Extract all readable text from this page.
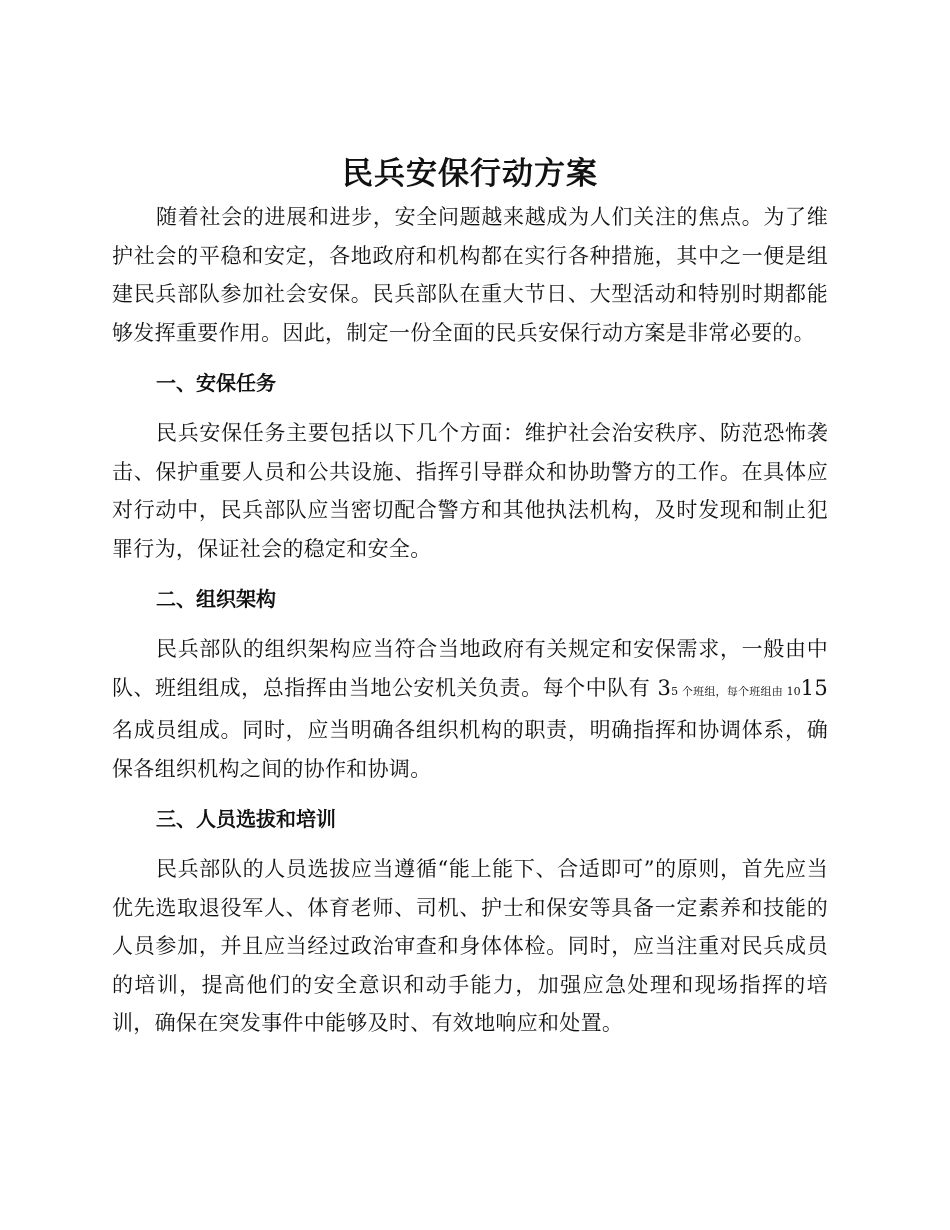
民兵安保行动方案

随着社会的进展和进步，安全问题越来越成为人们关注的焦点。为了维护社会的平稳和安定，各地政府和机构都在实行各种措施，其中之一便是组建民兵部队参加社会安保。民兵部队在重大节日、大型活动和特别时期都能够发挥重要作用。因此，制定一份全面的民兵安保行动方案是非常必要的。

一、安保任务

民兵安保任务主要包括以下几个方面：维护社会治安秩序、防范恐怖袭击、保护重要人员和公共设施、指挥引导群众和协助警方的工作。在具体应对行动中，民兵部队应当密切配合警方和其他执法机构，及时发现和制止犯罪行为，保证社会的稳定和安全。

二、组织架构

民兵部队的组织架构应当符合当地政府有关规定和安保需求，一般由中队、班组组成，总指挥由当地公安机关负责。每个中队有 35 个班组，每个班组由 1015 名成员组成。同时，应当明确各组织机构的职责，明确指挥和协调体系，确保各组织机构之间的协作和协调。

三、人员选拔和培训

民兵部队的人员选拔应当遵循“能上能下、合适即可”的原则，首先应当优先选取退役军人、体育老师、司机、护士和保安等具备一定素养和技能的人员参加，并且应当经过政治审查和身体体检。同时，应当注重对民兵成员的培训，提高他们的安全意识和动手能力，加强应急处理和现场指挥的培训，确保在突发事件中能够及时、有效地响应和处置。
